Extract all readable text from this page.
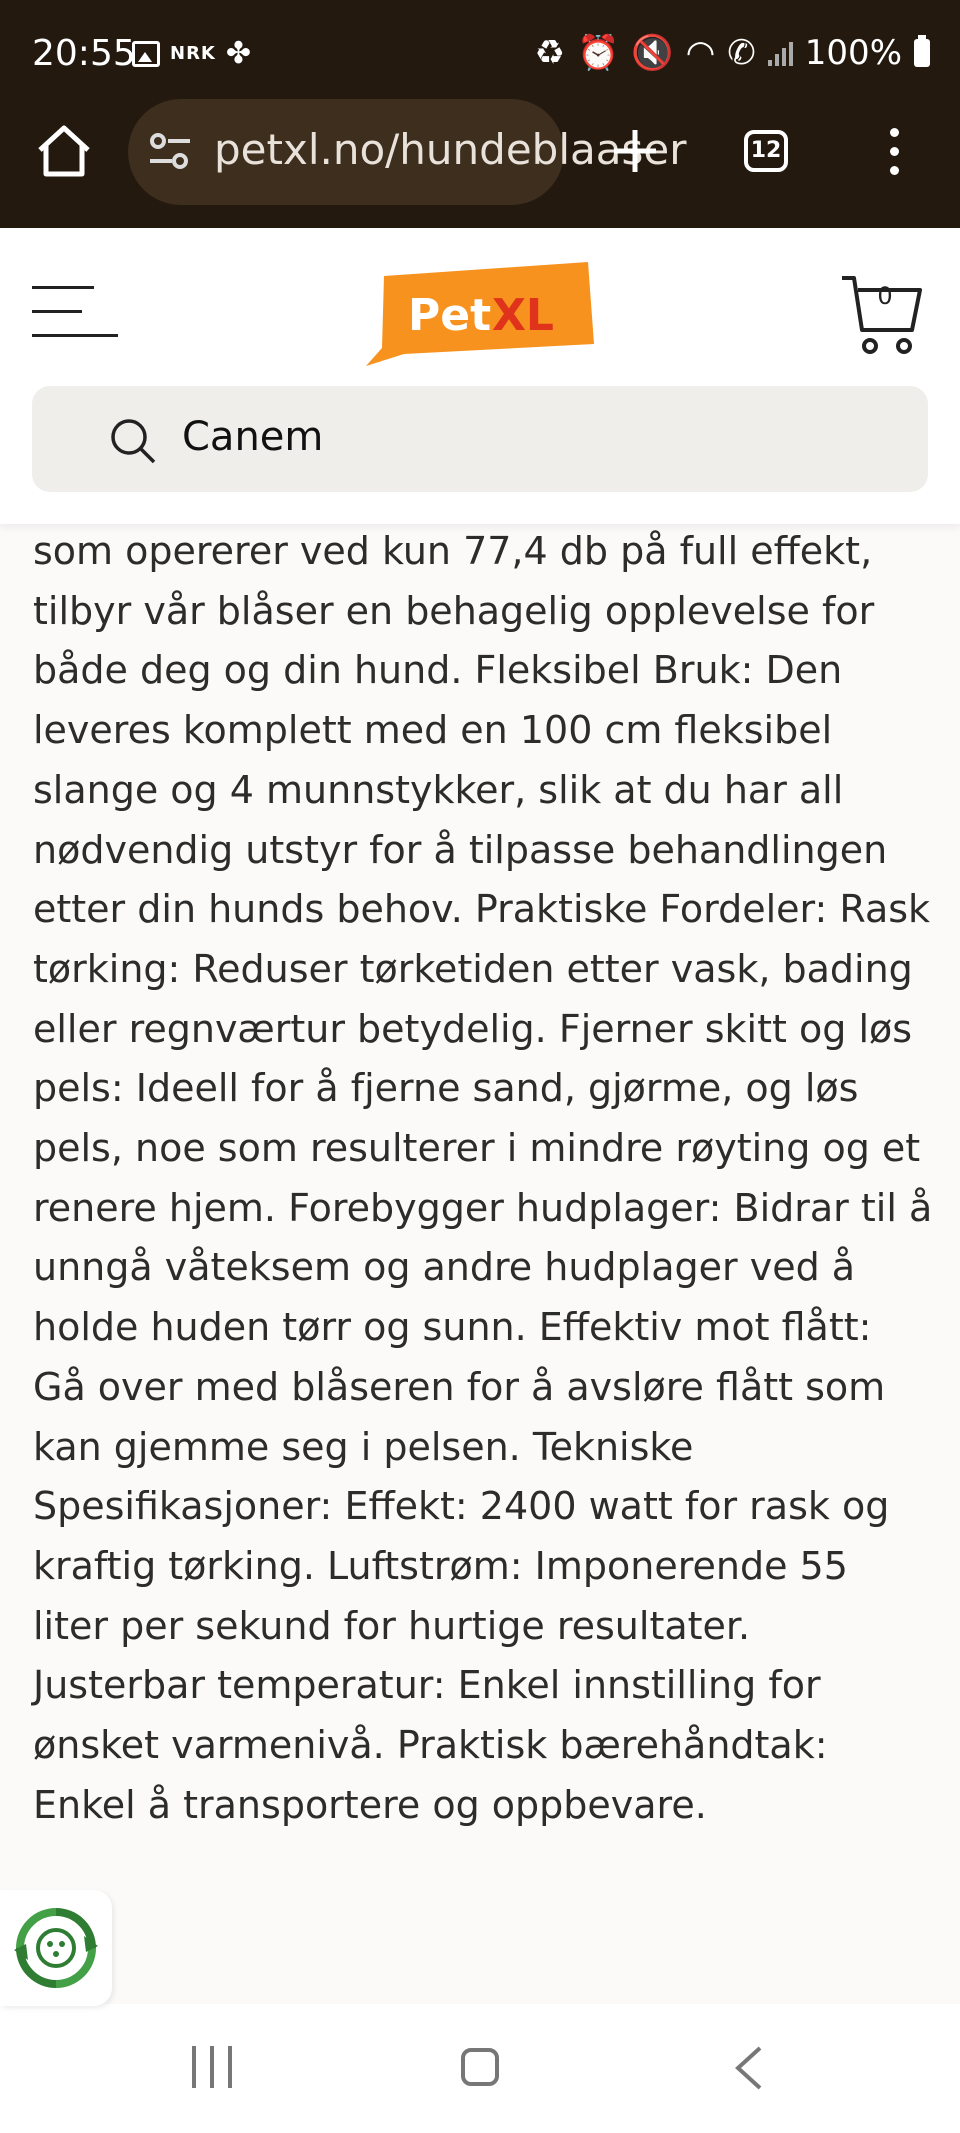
20:55 NRK ✤	♻ ⏰ 🔇 ◠ ✆ 100%
petxl.no/hundeblaaser	12
Pet XL	0
Canem

som opererer ved kun 77,4 db på full effekt, tilbyr vår blåser en behagelig opplevelse for både deg og din hund. Fleksibel Bruk: Den leveres komplett med en 100 cm fleksibel slange og 4 munnstykker, slik at du har all nødvendig utstyr for å tilpasse behandlingen etter din hunds behov. Praktiske Fordeler: Rask tørking: Reduser tørketiden etter vask, bading eller regnværtur betydelig. Fjerner skitt og løs pels: Ideell for å fjerne sand, gjørme, og løs pels, noe som resulterer i mindre røyting og et renere hjem. Forebygger hudplager: Bidrar til å unngå våteksem og andre hudplager ved å holde huden tørr og sunn. Effektiv mot flått: Gå over med blåseren for å avsløre flått som kan gjemme seg i pelsen. Tekniske Spesifikasjoner: Effekt: 2400 watt for rask og kraftig tørking. Luftstrøm: Imponerende 55 liter per sekund for hurtige resultater. Justerbar temperatur: Enkel innstilling for ønsket varmenivå. Praktisk bærehåndtak: Enkel å transportere og oppbevare.
